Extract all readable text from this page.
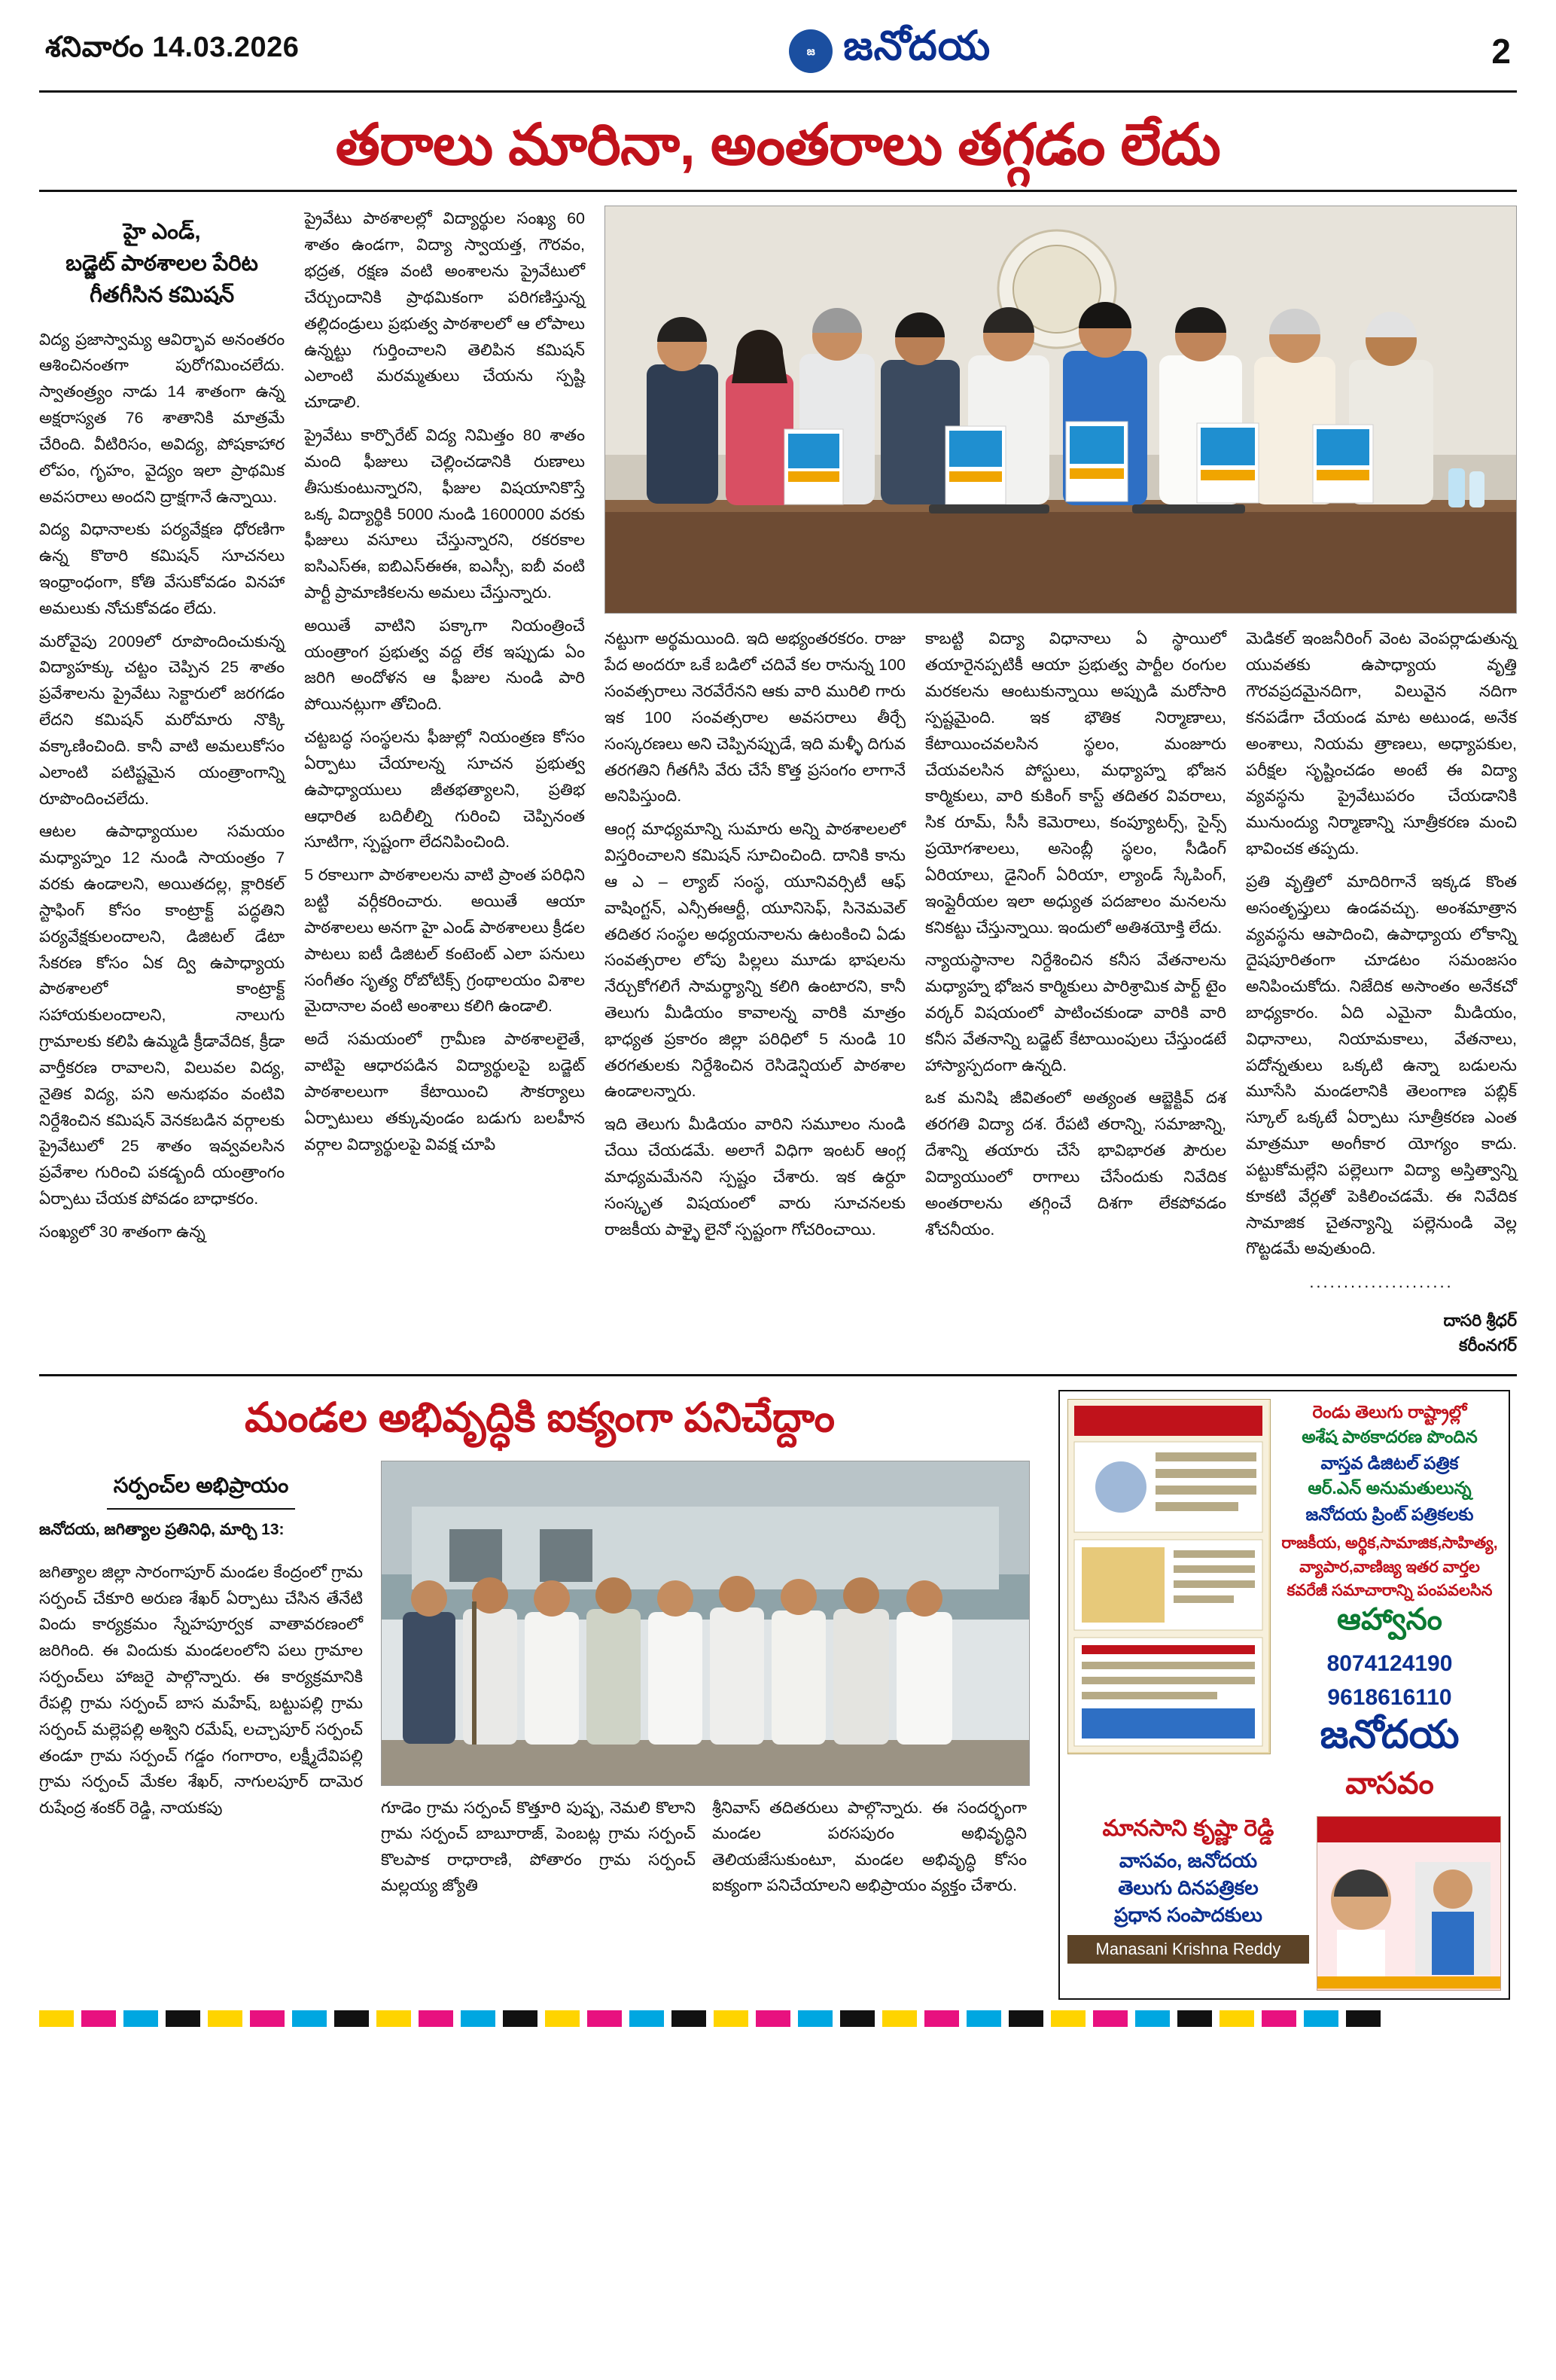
శనివారం 14.03.2026	జ జనోదయ	2
తరాలు మారినా, అంతరాలు తగ్గడం లేదు
హై ఎండ్,
బడ్జెట్ పాఠశాలల పేరిట
గీతగీసిన కమిషన్

విద్య ప్రజాస్వామ్య ఆవిర్భావ అనంతరం ఆశించినంతగా పురోగమించలేదు. స్వాతంత్ర్యం నాడు 14 శాతంగా ఉన్న అక్షరాస్యత 76 శాతానికి మాత్రమే చేరింది. వీటిరిసం, అవిద్య, పోషకాహార లోపం, గృహం, వైద్యం ఇలా ప్రాథమిక అవసరాలు అందని ద్రాక్షగానే ఉన్నాయి.

విద్య విధానాలకు పర్యవేక్షణ ధోరణిగా ఉన్న కొఠారి కమిషన్ సూచనలు ఇంధ్రాంధంగా, కోతి వేసుకోవడం వినహా అమలుకు నోచుకోవడం లేదు.

మరోవైపు 2009లో రూపొందించుకున్న విద్యాహక్కు చట్టం చెప్పిన 25 శాతం ప్రవేశాలను ప్రైవేటు సెక్టారులో జరగడం లేదని కమిషన్ మరోమారు నొక్కి వక్కాణించింది. కానీ వాటి అమలుకోసం ఎలాంటి పటిష్టమైన యంత్రాంగాన్ని రూపొందించలేదు.

ఆటల ఉపాధ్యాయుల సమయం మధ్యాహ్నం 12 నుండి సాయంత్రం 7 వరకు ఉండాలని, అయితదల్ల, క్లారికల్ స్టాఫింగ్ కోసం కాంట్రాక్ట్ పద్ధతిని పర్యవేక్షకులందాలని, డిజిటల్ డేటా సేకరణ కోసం ఏక ద్వి ఉపాధ్యాయ పాఠశాలలో కాంట్రాక్ట్ సహాయకులందాలని, నాలుగు గ్రామాలకు కలిపి ఉమ్మడి క్రీడావేదిక, క్రీడా వార్తీకరణ రావాలని, విలువల విద్య, నైతిక విద్య, పని అనుభవం వంటివి నిర్దేశించిన కమిషన్ వెనకబడిన వర్గాలకు ప్రైవేటులో 25 శాతం ఇవ్వవలసిన ప్రవేశాల గురించి పకడ్బందీ యంత్రాంగం ఏర్పాటు చేయక పోవడం బాధాకరం.

సంఖ్యలో 30 శాతంగా ఉన్న

ప్రైవేటు పాఠశాలల్లో విద్యార్థుల సంఖ్య 60 శాతం ఉండగా, విద్యా స్వాయత్త, గౌరవం, భద్రత, రక్షణ వంటి అంశాలను ప్రైవేటులో చేర్చుందానికి ప్రాథమికంగా పరిగణిస్తున్న తల్లిదండ్రులు ప్రభుత్వ పాఠశాలలో ఆ లోపాలు ఉన్నట్టు గుర్తించాలని తెలిపిన కమిషన్ ఎలాంటి మరమ్మతులు చేయను స్పష్టి చూడాలి.

ప్రైవేటు కార్పొరేట్ విద్య నిమిత్తం 80 శాతం మంది ఫీజులు చెల్లించడానికి రుణాలు తీసుకుంటున్నారని, ఫీజుల విషయానికొస్తే ఒక్క విద్యార్థికి 5000 నుండి 1600000 వరకు ఫీజులు వసూలు చేస్తున్నారని, రకరకాల ఐసిఎస్ఈ, ఐబిఎస్ఈఈ, ఐఎస్సీ, ఐబీ వంటి పార్టీ ప్రామాణికలను అమలు చేస్తున్నారు.

అయితే వాటిని పక్కాగా నియంత్రించే యంత్రాంగ ప్రభుత్వ వద్ద లేక ఇప్పుడు ఏం జరిగి అందోళన ఆ ఫీజుల నుండి పారి పోయినట్లుగా తోచింది.

చట్టబద్ధ సంస్థలను ఫీజుల్లో నియంత్రణ కోసం ఏర్పాటు చేయాలన్న సూచన ప్రభుత్వ ఉపాధ్యాయులు జీతభత్యాలని, ప్రతిభ ఆధారిత బదిలీల్ని గురించి చెప్పినంత సూటిగా, స్పష్టంగా లేదనిపించింది.

5 రకాలుగా పాఠశాలలను వాటి ప్రాంత పరిధిని బట్టి వర్గీకరించారు. అయితే ఆయా పాఠశాలలు అనగా హై ఎండ్ పాఠశాలలు క్రీడల పాటలు ఐటీ డిజిటల్ కంటెంట్ ఎలా పనులు సంగీతం సృత్య రోబోటిక్స్ గ్రంథాలయం విశాల మైదానాల వంటి అంశాలు కలిగి ఉండాలి.

అదే సమయంలో గ్రామీణ పాఠశాలలైతే, వాటిపై ఆధారపడిన విద్యార్థులపై బడ్జెట్ పాఠశాలలుగా కేటాయించి సౌకర్యాలు ఏర్పాటులు తక్కువుండం బడుగు బలహీన వర్గాల విద్యార్థులపై వివక్ష చూపి

నట్టుగా అర్థమయింది. ఇది అభ్యంతరకరం. రాజు పేద అందరూ ఒకే బడిలో చదివే కల రానున్న 100 సంవత్సరాలు నెరవేరేనని ఆకు వారి మురిలి గారు ఇక 100 సంవత్సరాల అవసరాలు తీర్చే సంస్కరణలు అని చెప్పినప్పుడే, ఇది మళ్ళీ దిగువ తరగతిని గీతగీసి వేరు చేసే కొత్త ప్రసంగం లాగానే అనిపిస్తుంది.

ఆంగ్ల మాధ్యమాన్ని సుమారు అన్ని పాఠశాలలలో విస్తరించాలని కమిషన్ సూచించింది. దానికి కాను ఆ ఎ – ల్యాబ్ సంస్థ, యూనివర్సిటీ ఆఫ్ వాషింగ్టన్, ఎన్సీఈఆర్టీ, యూనిసెఫ్, సినెమవెల్ తదితర సంస్థల అధ్యయనాలను ఉటంకించి ఏడు సంవత్సరాల లోపు పిల్లలు మూడు భాషలను నేర్చుకోగలిగే సామర్థ్యాన్ని కలిగి ఉంటారని, కానీ తెలుగు మీడియం కావాలన్న వారికి మాత్రం భాధ్యత ప్రకారం జిల్లా పరిధిలో 5 నుండి 10 తరగతులకు నిర్దేశించిన రెసిడెన్షియల్ పాఠశాల ఉండాలన్నారు.

ఇది తెలుగు మీడియం వారిని సమూలం నుండి చేయి చేయడమే. అలాగే విధిగా ఇంటర్ ఆంగ్ల మాధ్యమమేనని స్పష్టం చేశారు. ఇక ఉర్దూ సంస్కృత విషయంలో వారు సూచనలకు రాజకీయ పాళ్ళై లైనో స్పష్టంగా గోచరించాయి.

కాబట్టి విద్యా విధానాలు ఏ స్థాయిలో తయారైనప్పటికీ ఆయా ప్రభుత్వ పార్టీల రంగుల మరకలను ఆంటుకున్నాయి అప్పుడి మరోసారి స్పష్టమైంది. ఇక భౌతిక నిర్మాణాలు, కేటాయించవలసిన స్థలం, మంజూరు చేయవలసిన పోస్టులు, మధ్యాహ్న భోజన కార్మికులు, వారి కుకింగ్ కాస్ట్ తదితర వివరాలు, సిక రూమ్, సీసీ కెమెరాలు, కంప్యూటర్స్, సైన్స్ ప్రయోగశాలలు, అసెంబ్లీ స్థలం, సీడింగ్ ఏరియాలు, డైనింగ్ ఏరియా, ల్యాండ్ స్కేపింగ్, ఇంప్లైరీయల ఇలా అధ్యుత పదజాలం మనలను కనికట్టు చేస్తున్నాయి. ఇందులో అతిశయోక్తి లేదు.

న్యాయస్థానాల నిర్దేశించిన కనీస వేతనాలను మధ్యాహ్న భోజన కార్మికులు పారిశ్రామిక పార్ట్ టైం వర్కర్ విషయంలో పాటించకుండా వారికి వారి కనీస వేతనాన్ని బడ్జెట్ కేటాయింపులు చేస్తుండటే హాస్యాస్పదంగా ఉన్నది.

ఒక మనిషి జీవితంలో అత్యంత ఆబ్జెక్టివ్ దశ తరగతి విద్యా దశ. రేపటి తరాన్ని, సమాజాన్ని, దేశాన్ని తయారు చేసే భావిభారత పౌరుల విద్యాయుంలో రాగాలు చేసేందుకు నివేదిక అంతరాలను తగ్గించే దిశగా లేకపోవడం శోచనీయం.

మెడికల్ ఇంజనీరింగ్ వెంట వెంపర్లాడుతున్న యువతకు ఉపాధ్యాయ వృత్తి గౌరవప్రదమైనదిగా, విలువైన నదిగా కనపడేగా చేయండ మాట అటుండ, అనేక అంశాలు, నియమ త్రాణలు, అధ్యాపకుల, పరీక్షల సృష్టించడం అంటే ఈ విద్యా వ్యవస్థను ప్రైవేటుపరం చేయడానికి మునుంద్యు నిర్మాణాన్ని సూత్రీకరణ మంచి భావించక తప్పదు.

ప్రతి వృత్తిలో మాదిరిగానే ఇక్కడ కొంత అసంతృప్తులు ఉండవచ్చు. అంశమాత్రాన వ్యవస్థను ఆపాదించి, ఉపాధ్యాయ లోకాన్ని దైషపూరితంగా చూడటం సమంజసం అనిపించుకోదు. నిజేదిక అసాంతం అనేకచో బాధ్యకారం. ఏది ఎమైనా మీడియం, విధానాలు, నియామకాలు, వేతనాలు, పదోన్నతులు ఒక్కటి ఉన్నా బడులను మూసేసి మండలానికి తెలంగాణ పబ్లిక్ స్కూల్ ఒక్కటే ఏర్పాటు సూత్రీకరణ ఎంత మాత్రమూ అంగీకార యోగ్యం కాదు. పట్టుకోమల్లేని పల్లెలుగా విద్యా అస్తిత్వాన్ని కూకటి వేర్లతో పెకిలించడమే. ఈ నివేదిక సామాజిక చైతన్యాన్ని పల్లెనుండి వెల్ల గొట్టడమే అవుతుంది.

.....................
దాసరి శ్రీధర్
కరీంనగర్
మండల అభివృద్ధికి ఐక్యంగా పనిచేద్దాం
సర్పంచ్‌ల అభిప్రాయం
జనోదయ, జగిత్యాల ప్రతినిధి, మార్చి 13:

జగిత్యాల జిల్లా సారంగాపూర్ మండల కేంద్రంలో గ్రామ సర్పంచ్ చేకూరి అరుణ శేఖర్ ఏర్పాటు చేసిన తేనేటి విందు కార్యక్రమం స్నేహపూర్వక వాతావరణంలో జరిగింది. ఈ విందుకు మండలంలోని పలు గ్రామాల సర్పంచ్‌లు హాజరై పాల్గొన్నారు. ఈ కార్యక్రమానికి రేపల్లి గ్రామ సర్పంచ్ బాస మహేష్, బట్టుపల్లి గ్రామ సర్పంచ్ మల్లెపల్లి అశ్విని రమేష్, లచ్చాపూర్ సర్పంచ్ తండూ గ్రామ సర్పంచ్ గడ్డం గంగారాం, లక్ష్మీదేవిపల్లి గ్రామ సర్పంచ్ మేకల శేఖర్, నాగులపూర్ దామెర రుషేంద్ర శంకర్ రెడ్డి, నాయకపు	గూడెం గ్రామ సర్పంచ్ కొత్తూరి పుష్ప, నెమలి కొలాని గ్రామ సర్పంచ్ బాబూరాజ్, పెంబట్ల గ్రామ సర్పంచ్ కొలపాక రాధారాణి, పోతారం గ్రామ సర్పంచ్ మల్లయ్య జ్యోతి
శ్రీనివాస్ తదితరులు పాల్గొన్నారు. ఈ సందర్భంగా మండల పరసపురం అభివృద్ధిని తెలియజేసుకుంటూ, మండల అభివృద్ధి కోసం ఐక్యంగా పనిచేయాలని అభిప్రాయం వ్యక్తం చేశారు.
రెండు తెలుగు రాష్ట్రాల్లో
అశేష పాఠకాదరణ పొందిన
వాస్తవ డిజిటల్ పత్రిక
ఆర్.ఎన్ అనుమతులున్న
జనోదయ ప్రింట్ పత్రికలకు
రాజకీయ, అర్థిక,సామాజిక,సాహిత్య, వ్యాపార,వాణిజ్య ఇతర వార్తల కవరేజీ సమాచారాన్ని పంపవలసిన
ఆహ్వానం
8074124190
9618616110
జనోదయ
వాసవం
మానసాని కృష్ణా రెడ్డి
వాసవం, జనోదయ
తెలుగు దినపత్రికల
ప్రధాన సంపాదకులు
Manasani Krishna Reddy
